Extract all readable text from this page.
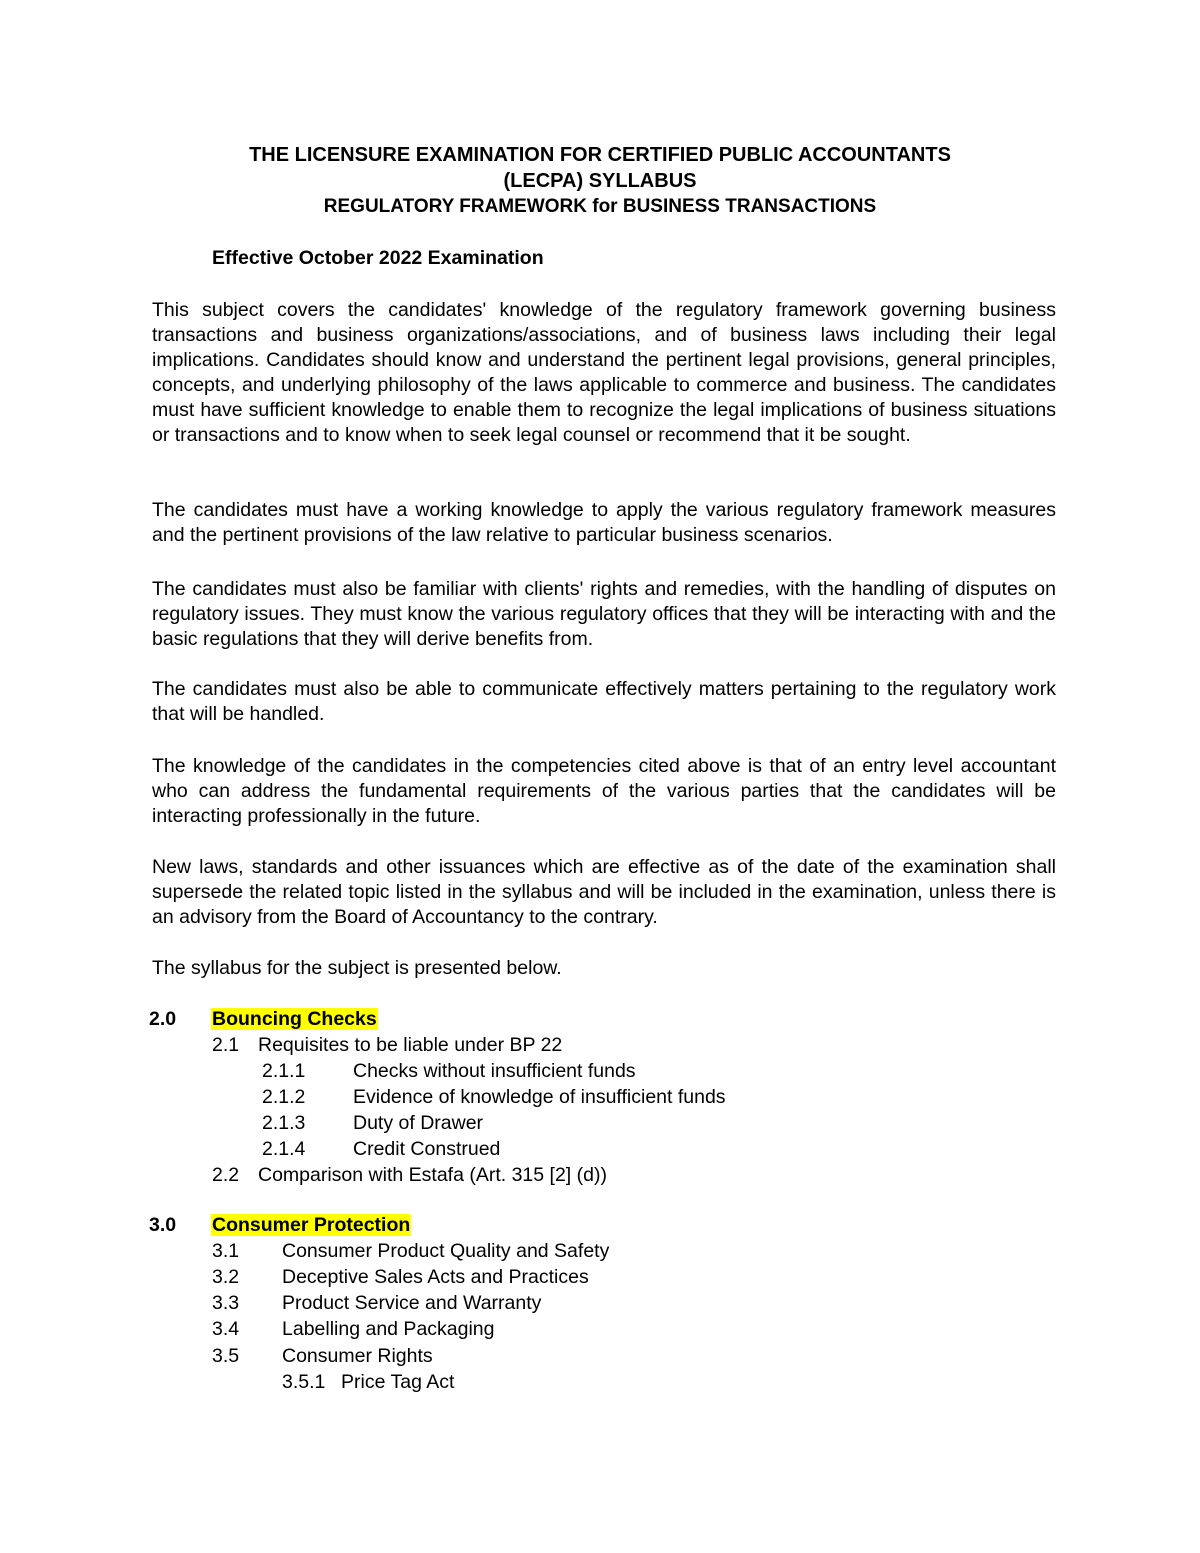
THE LICENSURE EXAMINATION FOR CERTIFIED PUBLIC ACCOUNTANTS
(LECPA) SYLLABUS
REGULATORY FRAMEWORK for BUSINESS TRANSACTIONS
Effective October 2022 Examination

This subject covers the candidates' knowledge of the regulatory framework governing business transactions and business organizations/associations, and of business laws including their legal implications. Candidates should know and understand the pertinent legal provisions, general principles, concepts, and underlying philosophy of the laws applicable to commerce and business. The candidates must have sufficient knowledge to enable them to recognize the legal implications of business situations or transactions and to know when to seek legal counsel or recommend that it be sought.

The candidates must have a working knowledge to apply the various regulatory framework measures and the pertinent provisions of the law relative to particular business scenarios.

The candidates must also be familiar with clients' rights and remedies, with the handling of disputes on regulatory issues. They must know the various regulatory offices that they will be interacting with and the basic regulations that they will derive benefits from.

The candidates must also be able to communicate effectively matters pertaining to the regulatory work that will be handled.

The knowledge of the candidates in the competencies cited above is that of an entry level accountant who can address the fundamental requirements of the various parties that the candidates will be interacting professionally in the future.

New laws, standards and other issuances which are effective as of the date of the examination shall supersede the related topic listed in the syllabus and will be included in the examination, unless there is an advisory from the Board of Accountancy to the contrary.

The syllabus for the subject is presented below.

2.0 Bouncing Checks
2.1 Requisites to be liable under BP 22
2.1.1 Checks without insufficient funds
2.1.2 Evidence of knowledge of insufficient funds
2.1.3 Duty of Drawer
2.1.4 Credit Construed
2.2 Comparison with Estafa (Art. 315 [2] (d))
3.0 Consumer Protection
3.1 Consumer Product Quality and Safety
3.2 Deceptive Sales Acts and Practices
3.3 Product Service and Warranty
3.4 Labelling and Packaging
3.5 Consumer Rights
3.5.1 Price Tag Act
